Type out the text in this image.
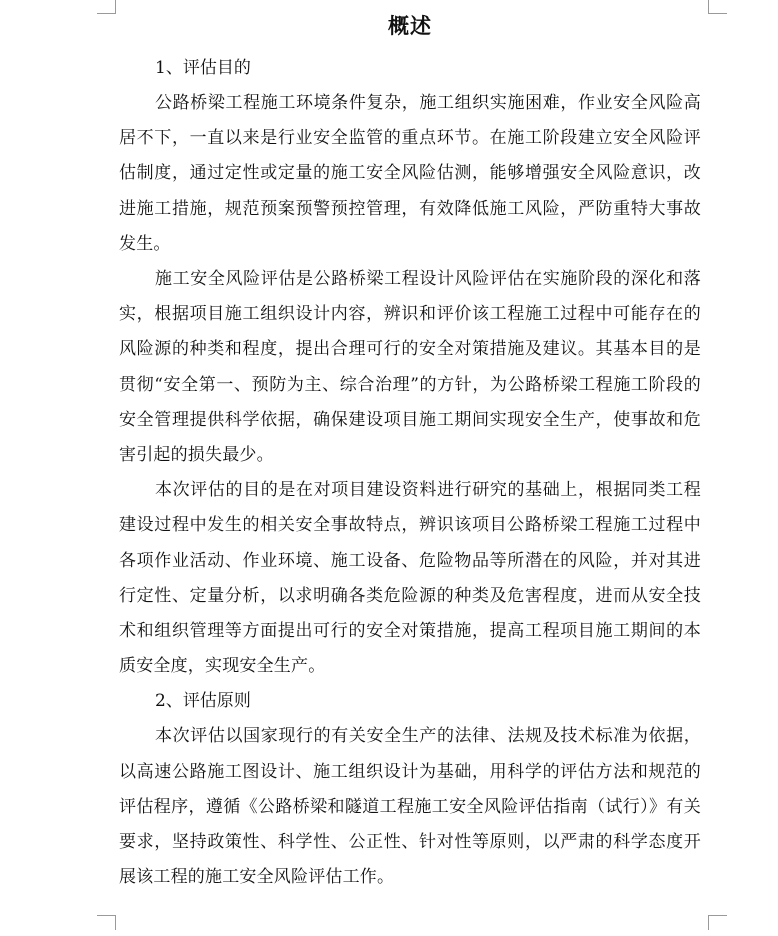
概述

1、评估目的

公路桥梁工程施工环境条件复杂，施工组织实施困难，作业安全风险高居不下，一直以来是行业安全监管的重点环节。在施工阶段建立安全风险评估制度，通过定性或定量的施工安全风险估测，能够增强安全风险意识，改进施工措施，规范预案预警预控管理，有效降低施工风险，严防重特大事故发生。

施工安全风险评估是公路桥梁工程设计风险评估在实施阶段的深化和落实，根据项目施工组织设计内容，辨识和评价该工程施工过程中可能存在的风险源的种类和程度，提出合理可行的安全对策措施及建议。其基本目的是贯彻“安全第一、预防为主、综合治理”的方针，为公路桥梁工程施工阶段的安全管理提供科学依据，确保建设项目施工期间实现安全生产，使事故和危害引起的损失最少。

本次评估的目的是在对项目建设资料进行研究的基础上，根据同类工程建设过程中发生的相关安全事故特点，辨识该项目公路桥梁工程施工过程中各项作业活动、作业环境、施工设备、危险物品等所潜在的风险，并对其进行定性、定量分析，以求明确各类危险源的种类及危害程度，进而从安全技术和组织管理等方面提出可行的安全对策措施，提高工程项目施工期间的本质安全度，实现安全生产。

2、评估原则

本次评估以国家现行的有关安全生产的法律、法规及技术标准为依据，以高速公路施工图设计、施工组织设计为基础，用科学的评估方法和规范的评估程序，遵循《公路桥梁和隧道工程施工安全风险评估指南（试行）》有关要求，坚持政策性、科学性、公正性、针对性等原则，以严肃的科学态度开展该工程的施工安全风险评估工作。
